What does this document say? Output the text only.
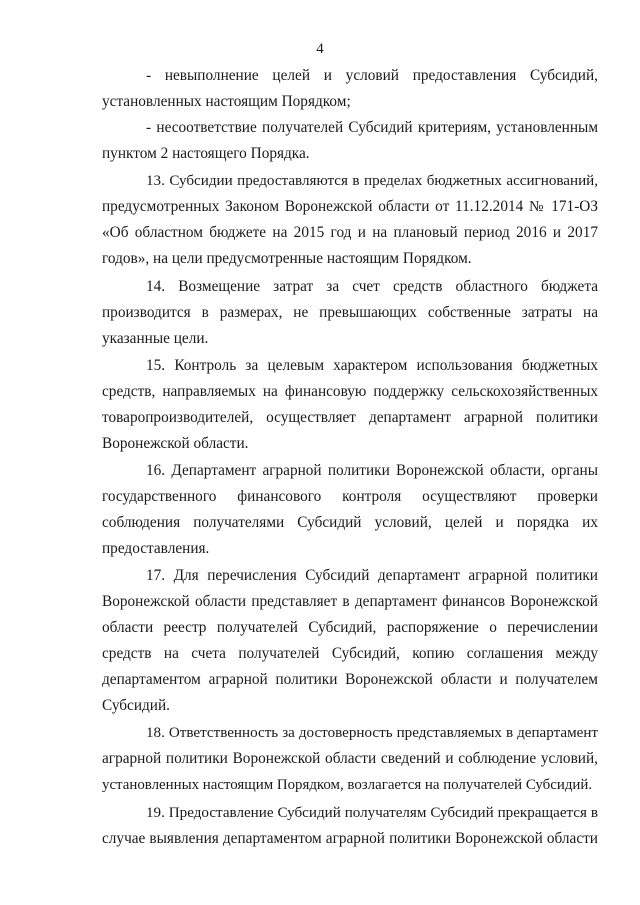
4
- невыполнение целей и условий предоставления Субсидий,
установленных настоящим Порядком;
- несоответствие получателей Субсидий критериям, установленным
пунктом 2 настоящего Порядка.
13. Субсидии предоставляются в пределах бюджетных ассигнований,
предусмотренных Законом Воронежской области от 11.12.2014 № 171-ОЗ
«Об областном бюджете на 2015 год и на плановый период 2016 и 2017
годов», на цели предусмотренные настоящим Порядком.
14. Возмещение затрат за счет средств областного бюджета
производится в размерах, не превышающих собственные затраты на
указанные цели.
15. Контроль за целевым характером использования бюджетных
средств, направляемых на финансовую поддержку сельскохозяйственных
товаропроизводителей, осуществляет департамент аграрной политики
Воронежской области.
16. Департамент аграрной политики Воронежской области, органы
государственного финансового контроля осуществляют проверки
соблюдения получателями Субсидий условий, целей и порядка их
предоставления.
17. Для перечисления Субсидий департамент аграрной политики
Воронежской области представляет в департамент финансов Воронежской
области реестр получателей Субсидий, распоряжение о перечислении
средств на счета получателей Субсидий, копию соглашения между
департаментом аграрной политики Воронежской области и получателем
Субсидий.
18. Ответственность за достоверность представляемых в департамент
аграрной политики Воронежской области сведений и соблюдение условий,
установленных настоящим Порядком, возлагается на получателей Субсидий.
19. Предоставление Субсидий получателям Субсидий прекращается в
случае выявления департаментом аграрной политики Воронежской области
